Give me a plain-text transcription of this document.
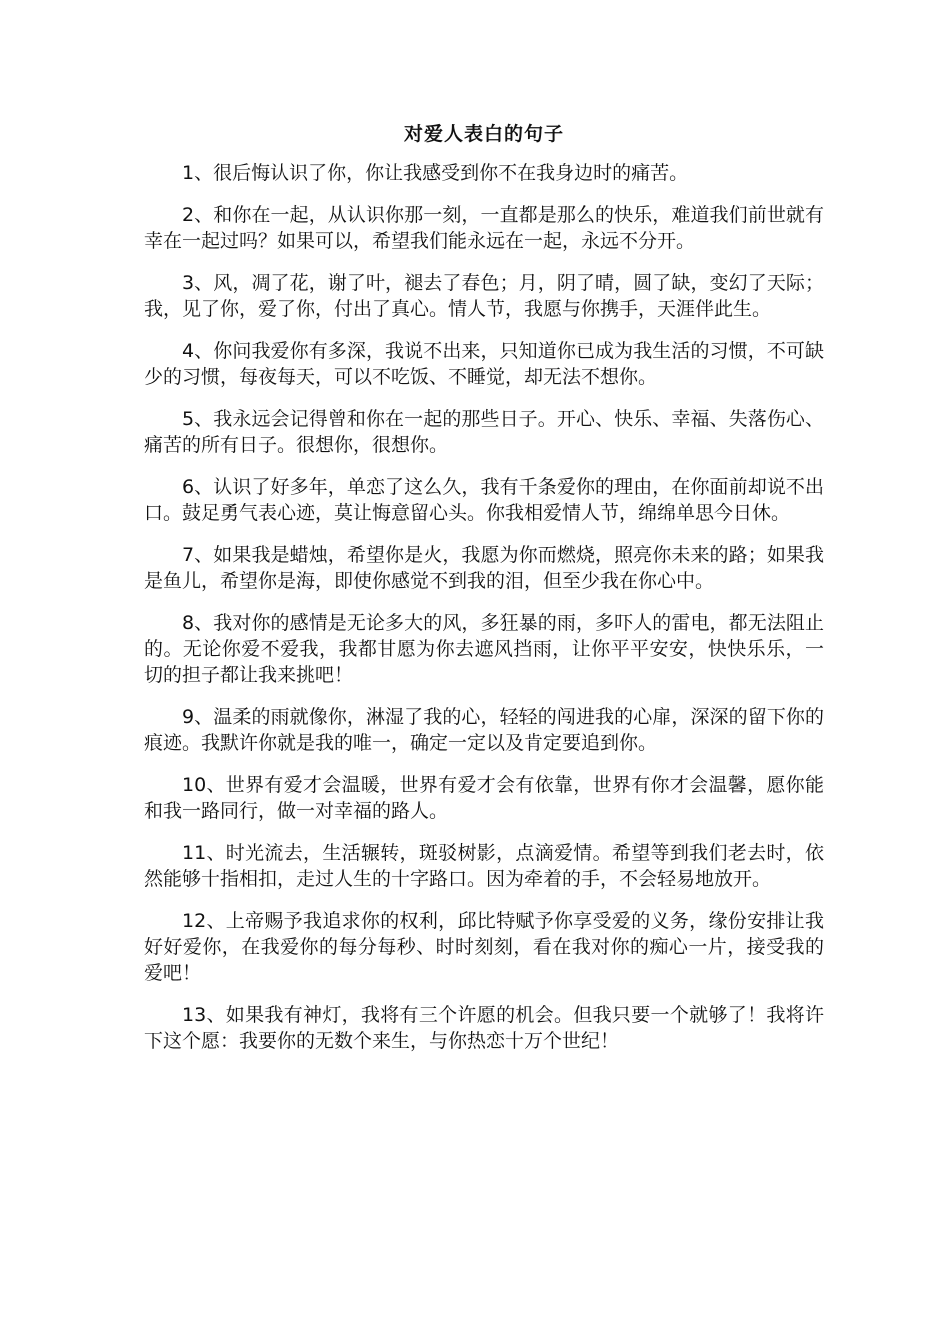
对爱人表白的句子

1、很后悔认识了你，你让我感受到你不在我身边时的痛苦。

2、和你在一起，从认识你那一刻，一直都是那么的快乐，难道我们前世就有幸在一起过吗？如果可以，希望我们能永远在一起，永远不分开。

3、风，凋了花，谢了叶，褪去了春色；月，阴了晴，圆了缺，变幻了天际；我，见了你，爱了你，付出了真心。情人节，我愿与你携手，天涯伴此生。

4、你问我爱你有多深，我说不出来，只知道你已成为我生活的习惯，不可缺少的习惯，每夜每天，可以不吃饭、不睡觉，却无法不想你。

5、我永远会记得曾和你在一起的那些日子。开心、快乐、幸福、失落伤心、痛苦的所有日子。很想你，很想你。

6、认识了好多年，单恋了这么久，我有千条爱你的理由，在你面前却说不出口。鼓足勇气表心迹，莫让悔意留心头。你我相爱情人节，绵绵单思今日休。

7、如果我是蜡烛，希望你是火，我愿为你而燃烧，照亮你未来的路；如果我是鱼儿，希望你是海，即使你感觉不到我的泪，但至少我在你心中。

8、我对你的感情是无论多大的风，多狂暴的雨，多吓人的雷电，都无法阻止的。无论你爱不爱我，我都甘愿为你去遮风挡雨，让你平平安安，快快乐乐，一切的担子都让我来挑吧！

9、温柔的雨就像你，淋湿了我的心，轻轻的闯进我的心扉，深深的留下你的痕迹。我默许你就是我的唯一，确定一定以及肯定要追到你。

10、世界有爱才会温暖，世界有爱才会有依靠，世界有你才会温馨，愿你能和我一路同行，做一对幸福的路人。

11、时光流去，生活辗转，斑驳树影，点滴爱情。希望等到我们老去时，依然能够十指相扣，走过人生的十字路口。因为牵着的手，不会轻易地放开。

12、上帝赐予我追求你的权利，邱比特赋予你享受爱的义务，缘份安排让我好好爱你，在我爱你的每分每秒、时时刻刻，看在我对你的痴心一片，接受我的爱吧！

13、如果我有神灯，我将有三个许愿的机会。但我只要一个就够了！我将许下这个愿：我要你的无数个来生，与你热恋十万个世纪！
